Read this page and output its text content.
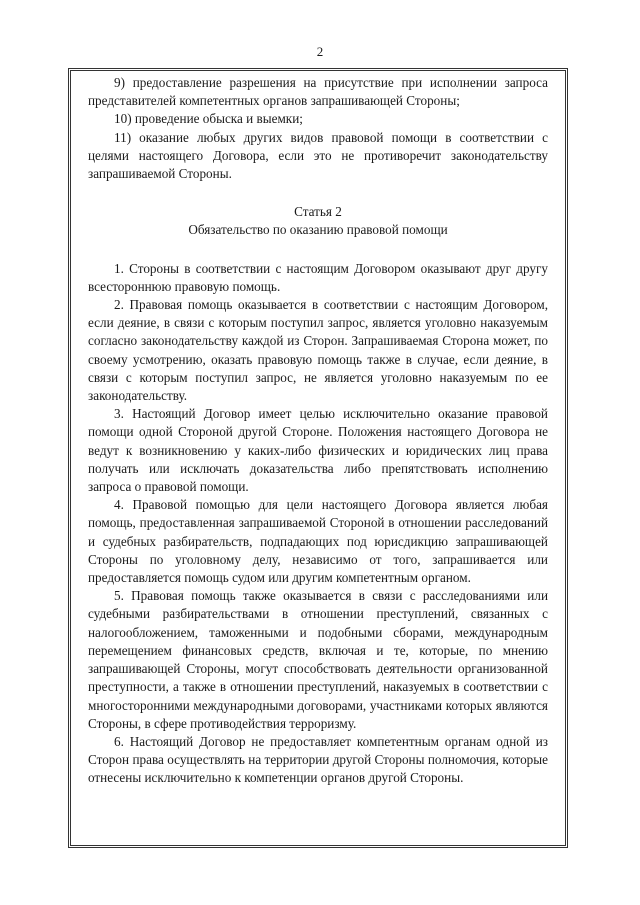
2

9) предоставление разрешения на присутствие при исполнении запроса представителей компетентных органов запрашивающей Стороны;

10) проведение обыска и выемки;

11) оказание любых других видов правовой помощи в соответствии с целями настоящего Договора, если это не противоречит законодательству запрашиваемой Стороны.

Статья 2

Обязательство по оказанию правовой помощи

1. Стороны в соответствии с настоящим Договором оказывают друг другу всестороннюю правовую помощь.

2. Правовая помощь оказывается в соответствии с настоящим Договором, если деяние, в связи с которым поступил запрос, является уголовно наказуемым согласно законодательству каждой из Сторон. Запрашиваемая Сторона может, по своему усмотрению, оказать правовую помощь также в случае, если деяние, в связи с которым поступил запрос, не является уголовно наказуемым по ее законодательству.

3. Настоящий Договор имеет целью исключительно оказание правовой помощи одной Стороной другой Стороне. Положения настоящего Договора не ведут к возникновению у каких-либо физических и юридических лиц права получать или исключать доказательства либо препятствовать исполнению запроса о правовой помощи.

4. Правовой помощью для цели настоящего Договора является любая помощь, предоставленная запрашиваемой Стороной в отношении расследований и судебных разбирательств, подпадающих под юрисдикцию запрашивающей Стороны по уголовному делу, независимо от того, запрашивается или предоставляется помощь судом или другим компетентным органом.

5. Правовая помощь также оказывается в связи с расследованиями или судебными разбирательствами в отношении преступлений, связанных с налогообложением, таможенными и подобными сборами, международным перемещением финансовых средств, включая и те, которые, по мнению запрашивающей Стороны, могут способствовать деятельности организованной преступности, а также в отношении преступлений, наказуемых в соответствии с многосторонними международными договорами, участниками которых являются Стороны, в сфере противодействия терроризму.

6. Настоящий Договор не предоставляет компетентным органам одной из Сторон права осуществлять на территории другой Стороны полномочия, которые отнесены исключительно к компетенции органов другой Стороны.
